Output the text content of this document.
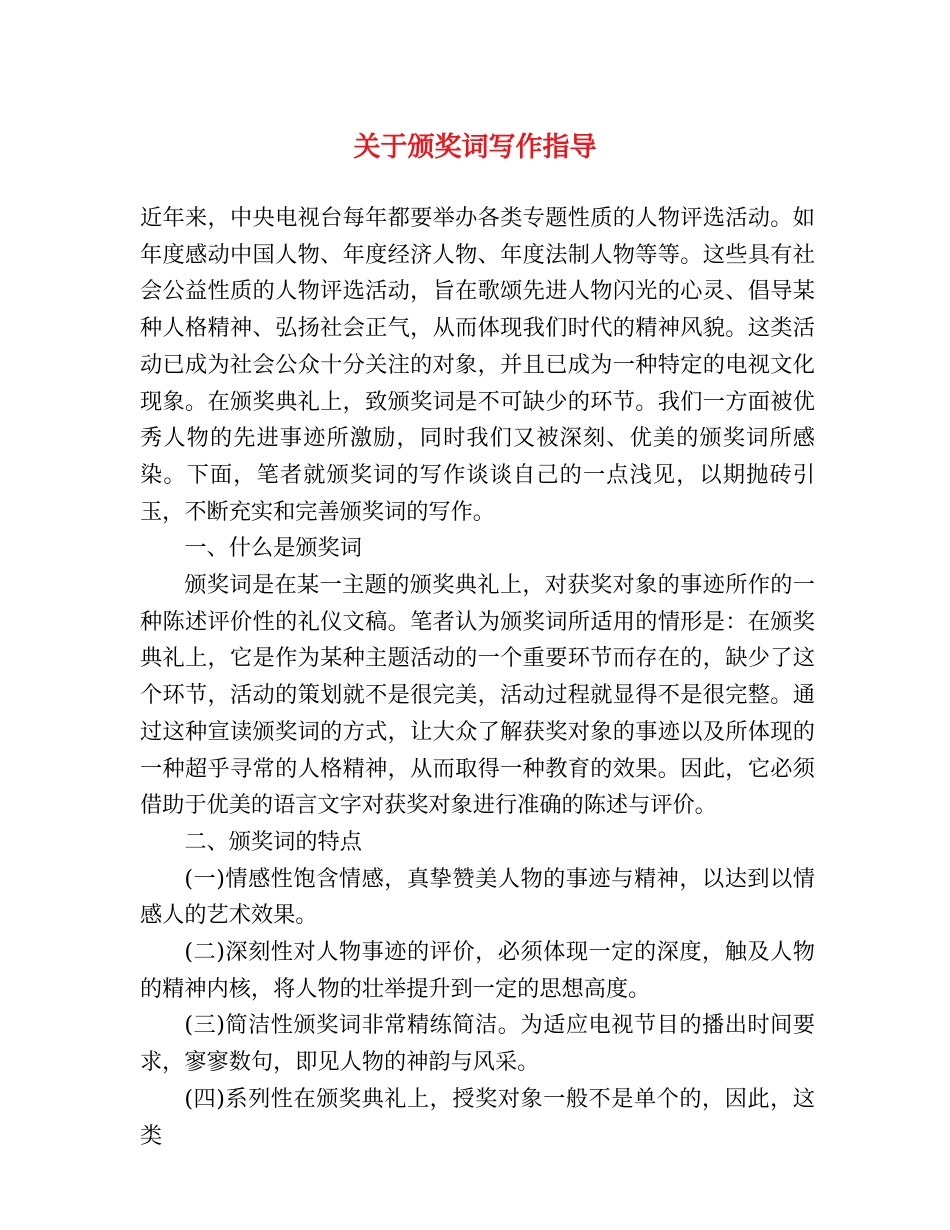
关于颁奖词写作指导

近年来，中央电视台每年都要举办各类专题性质的人物评选活动。如年度感动中国人物、年度经济人物、年度法制人物等等。这些具有社会公益性质的人物评选活动，旨在歌颂先进人物闪光的心灵、倡导某种人格精神、弘扬社会正气，从而体现我们时代的精神风貌。这类活动已成为社会公众十分关注的对象，并且已成为一种特定的电视文化现象。在颁奖典礼上，致颁奖词是不可缺少的环节。我们一方面被优秀人物的先进事迹所激励，同时我们又被深刻、优美的颁奖词所感染。下面，笔者就颁奖词的写作谈谈自己的一点浅见，以期抛砖引玉，不断充实和完善颁奖词的写作。

一、什么是颁奖词

颁奖词是在某一主题的颁奖典礼上，对获奖对象的事迹所作的一种陈述评价性的礼仪文稿。笔者认为颁奖词所适用的情形是：在颁奖典礼上，它是作为某种主题活动的一个重要环节而存在的，缺少了这个环节，活动的策划就不是很完美，活动过程就显得不是很完整。通过这种宣读颁奖词的方式，让大众了解获奖对象的事迹以及所体现的一种超乎寻常的人格精神，从而取得一种教育的效果。因此，它必须借助于优美的语言文字对获奖对象进行准确的陈述与评价。

二、颁奖词的特点

(一)情感性饱含情感，真挚赞美人物的事迹与精神，以达到以情感人的艺术效果。

(二)深刻性对人物事迹的评价，必须体现一定的深度，触及人物的精神内核，将人物的壮举提升到一定的思想高度。

(三)简洁性颁奖词非常精练简洁。为适应电视节目的播出时间要求，寥寥数句，即见人物的神韵与风采。

(四)系列性在颁奖典礼上，授奖对象一般不是单个的，因此，这类
